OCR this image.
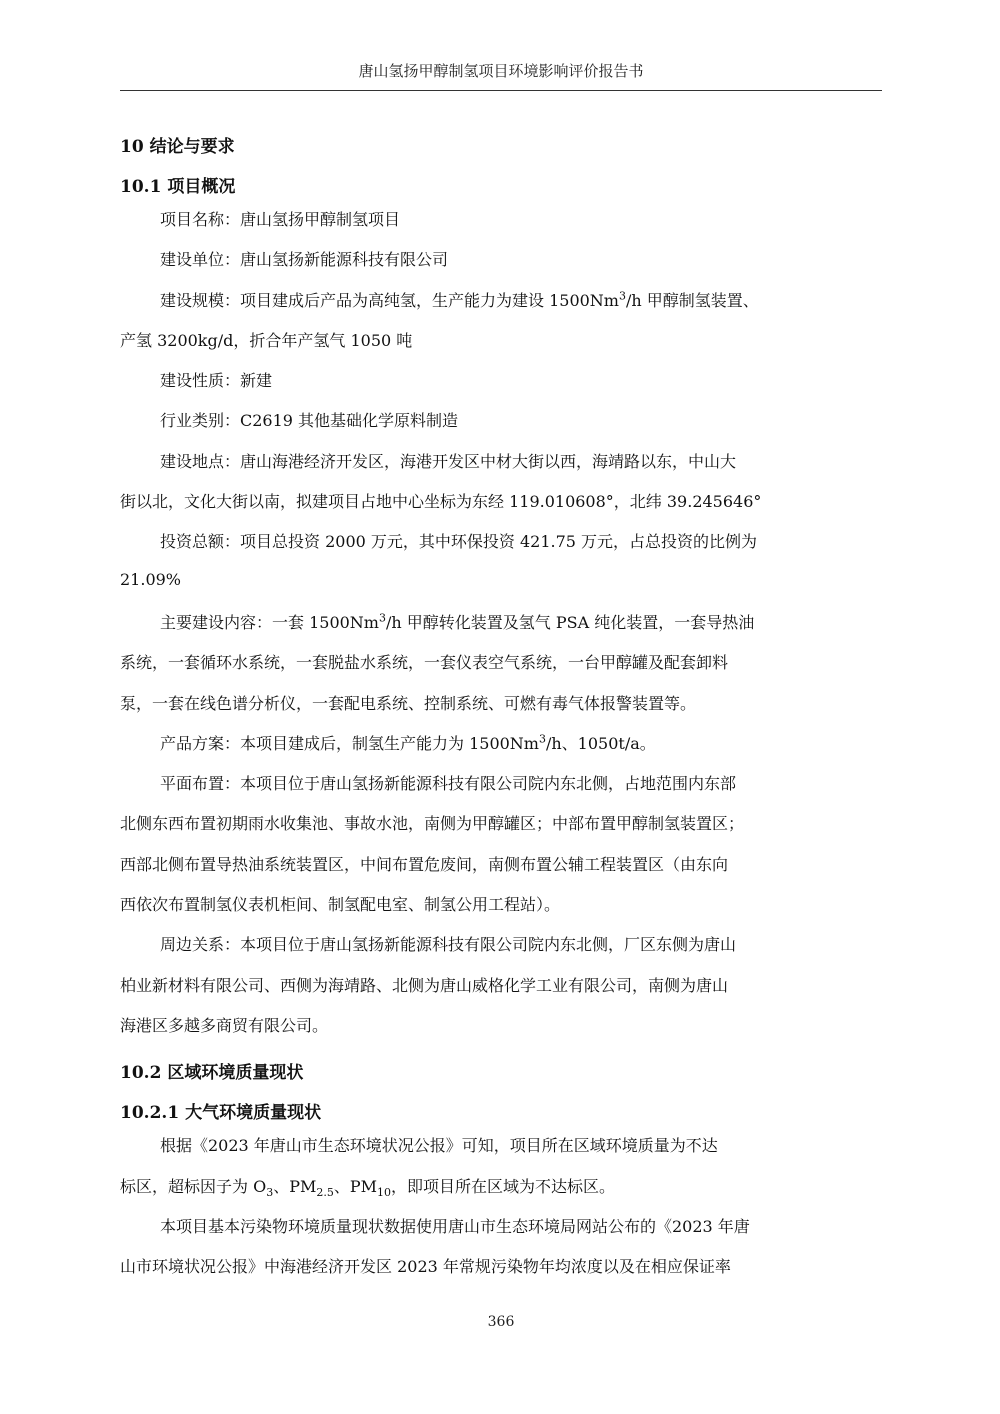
唐山氢扬甲醇制氢项目环境影响评价报告书
10 结论与要求
10.1 项目概况
项目名称：唐山氢扬甲醇制氢项目
建设单位：唐山氢扬新能源科技有限公司
建设规模：项目建成后产品为高纯氢，生产能力为建设 1500Nm$^3$/h 甲醇制氢装置、
产氢 3200kg/d，折合年产氢气 1050 吨
建设性质：新建
行业类别：C2619 其他基础化学原料制造
建设地点：唐山海港经济开发区，海港开发区中材大街以西，海靖路以东，中山大
街以北，文化大街以南，拟建项目占地中心坐标为东经 119.010608°，北纬 39.245646°
投资总额：项目总投资 2000 万元，其中环保投资 421.75 万元，占总投资的比例为
21.09%
主要建设内容：一套 1500Nm$^3$/h 甲醇转化装置及氢气 PSA 纯化装置，一套导热油
系统，一套循环水系统，一套脱盐水系统，一套仪表空气系统，一台甲醇罐及配套卸料
泵，一套在线色谱分析仪，一套配电系统、控制系统、可燃有毒气体报警装置等。
产品方案：本项目建成后，制氢生产能力为 1500Nm$^3$/h、1050t/a。
平面布置：本项目位于唐山氢扬新能源科技有限公司院内东北侧，占地范围内东部
北侧东西布置初期雨水收集池、事故水池，南侧为甲醇罐区；中部布置甲醇制氢装置区；
西部北侧布置导热油系统装置区，中间布置危废间，南侧布置公辅工程装置区（由东向
西依次布置制氢仪表机柜间、制氢配电室、制氢公用工程站）。
周边关系：本项目位于唐山氢扬新能源科技有限公司院内东北侧，厂区东侧为唐山
柏业新材料有限公司、西侧为海靖路、北侧为唐山威格化学工业有限公司，南侧为唐山
海港区多越多商贸有限公司。
10.2 区域环境质量现状
10.2.1 大气环境质量现状
根据《2023 年唐山市生态环境状况公报》可知，项目所在区域环境质量为不达
标区，超标因子为 $O_3$、$PM_{2.5}$、$PM_{10}$，即项目所在区域为不达标区。
本项目基本污染物环境质量现状数据使用唐山市生态环境局网站公布的《2023 年唐
山市环境状况公报》中海港经济开发区 2023 年常规污染物年均浓度以及在相应保证率
366
